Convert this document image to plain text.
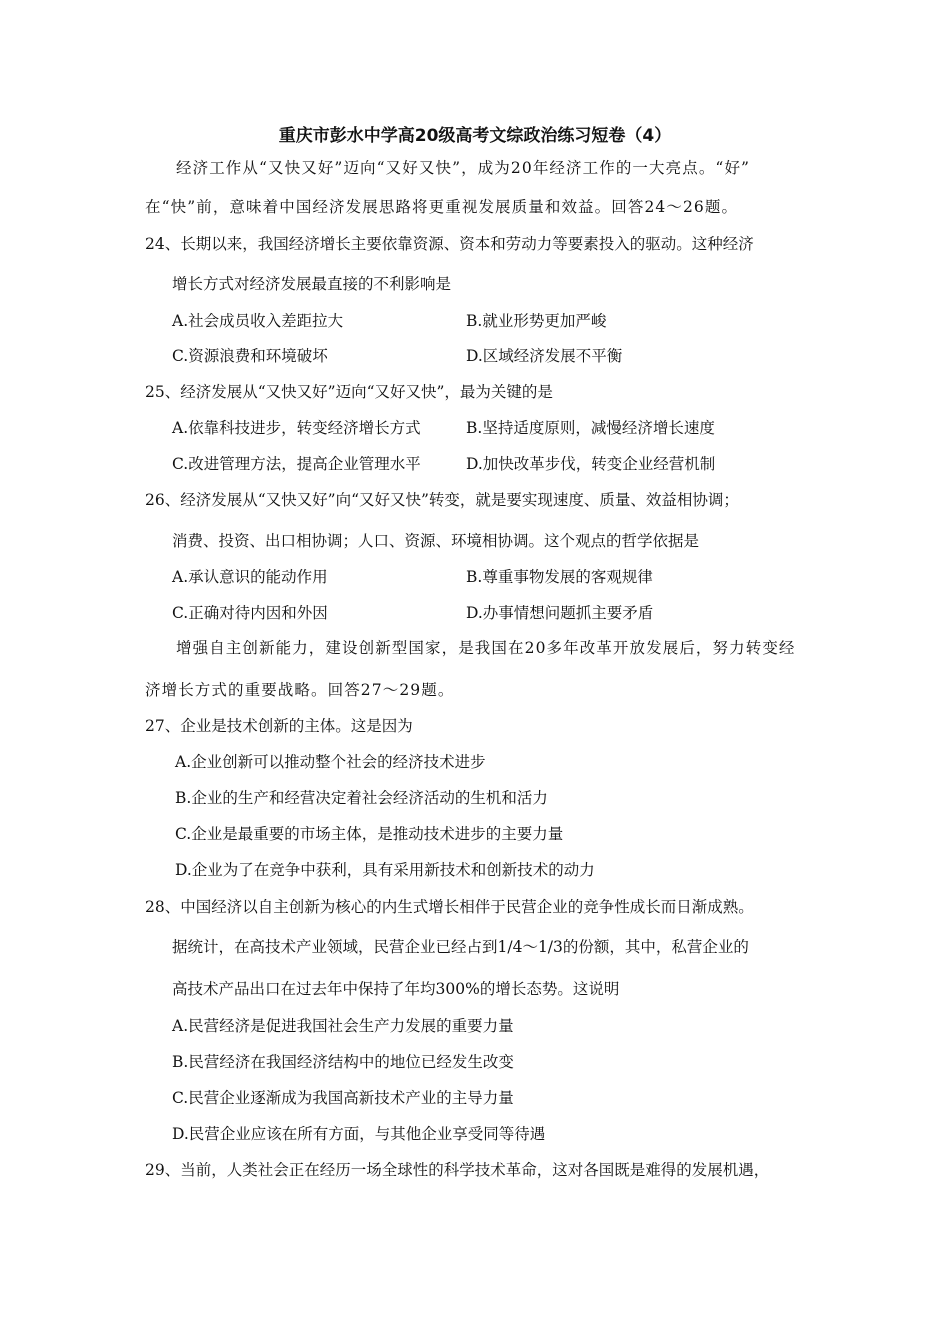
重庆市彭水中学高20级高考文综政治练习短卷（4）
经济工作从“又快又好”迈向“又好又快”，成为20年经济工作的一大亮点。“好”
在“快”前，意味着中国经济发展思路将更重视发展质量和效益。回答24～26题。
24、长期以来，我国经济增长主要依靠资源、资本和劳动力等要素投入的驱动。这种经济
增长方式对经济发展最直接的不利影响是
A.社会成员收入差距拉大	B.就业形势更加严峻
C.资源浪费和环境破坏	D.区域经济发展不平衡
25、经济发展从“又快又好”迈向“又好又快”，最为关键的是
A.依靠科技进步，转变经济增长方式	B.坚持适度原则，减慢经济增长速度
C.改进管理方法，提高企业管理水平	D.加快改革步伐，转变企业经营机制
26、经济发展从“又快又好”向“又好又快”转变，就是要实现速度、质量、效益相协调；
消费、投资、出口相协调；人口、资源、环境相协调。这个观点的哲学依据是
A.承认意识的能动作用	B.尊重事物发展的客观规律
C.正确对待内因和外因	D.办事情想问题抓主要矛盾
增强自主创新能力，建设创新型国家，是我国在20多年改革开放发展后，努力转变经
济增长方式的重要战略。回答27～29题。
27、企业是技术创新的主体。这是因为
A.企业创新可以推动整个社会的经济技术进步
B.企业的生产和经营决定着社会经济活动的生机和活力
C.企业是最重要的市场主体，是推动技术进步的主要力量
D.企业为了在竞争中获利，具有采用新技术和创新技术的动力
28、中国经济以自主创新为核心的内生式增长相伴于民营企业的竞争性成长而日渐成熟。
据统计，在高技术产业领域，民营企业已经占到1/4～1/3的份额，其中，私营企业的
高技术产品出口在过去年中保持了年均300%的增长态势。这说明
A.民营经济是促进我国社会生产力发展的重要力量
B.民营经济在我国经济结构中的地位已经发生改变
C.民营企业逐渐成为我国高新技术产业的主导力量
D.民营企业应该在所有方面，与其他企业享受同等待遇
29、当前，人类社会正在经历一场全球性的科学技术革命，这对各国既是难得的发展机遇，
